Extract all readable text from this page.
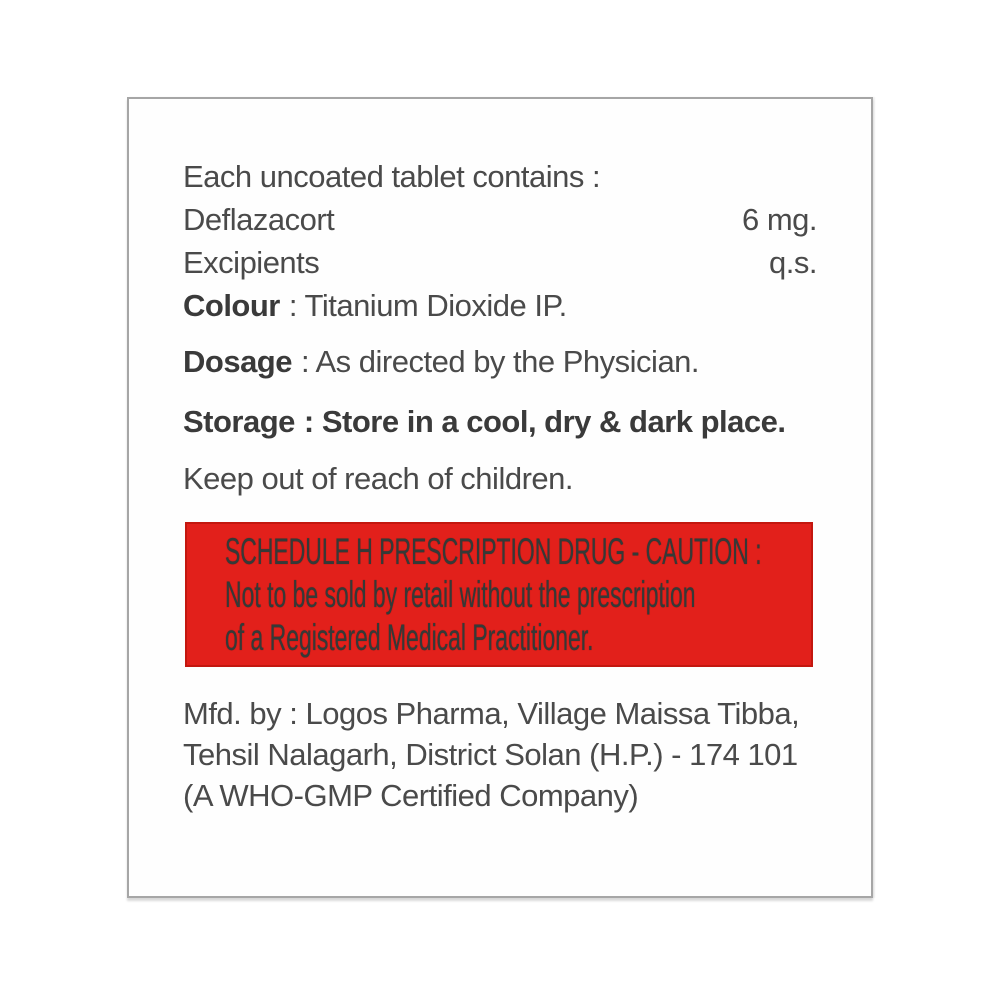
Each uncoated tablet contains :
Deflazacort	6 mg.
Excipients	q.s.
Colour : Titanium Dioxide IP.
Dosage : As directed by the Physician.
Storage : Store in a cool, dry & dark place.
Keep out of reach of children.
SCHEDULE H PRESCRIPTION DRUG - CAUTION :
Not to be sold by retail without the prescription
of a Registered Medical Practitioner.
Mfd. by : Logos Pharma, Village Maissa Tibba,
Tehsil Nalagarh, District Solan (H.P.) - 174 101
(A WHO-GMP Certified Company)
